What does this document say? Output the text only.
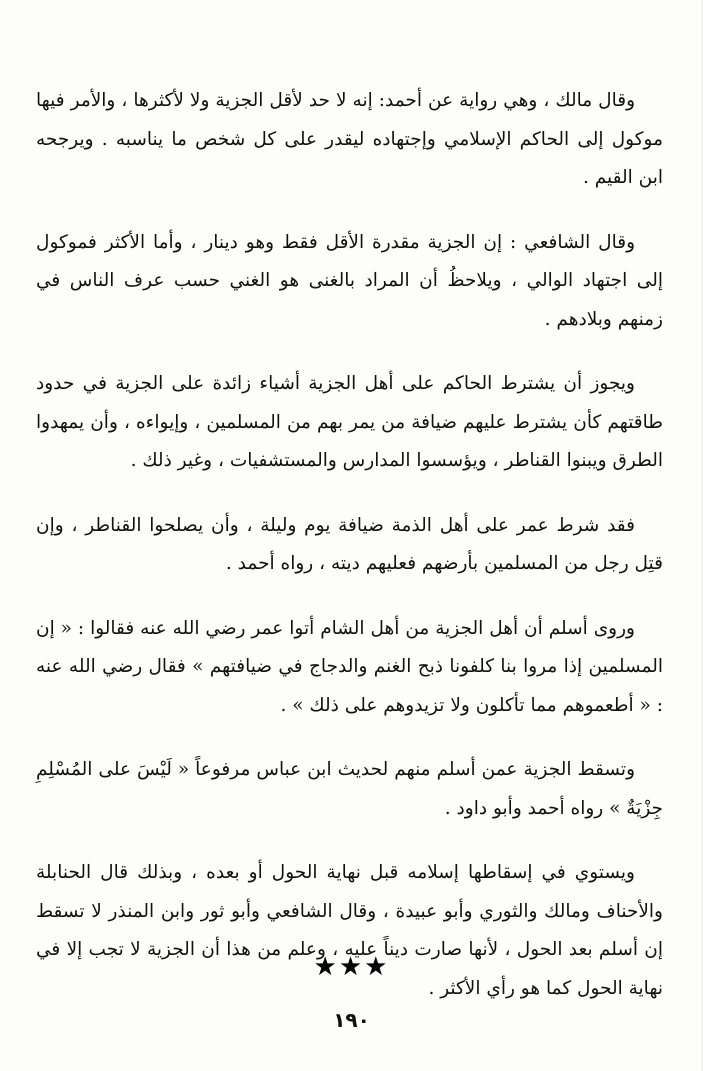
وقال مالك ، وهي رواية عن أحمد: إنه لا حد لأقل الجزية ولا لأكثرها ، والأمر فيها موكول إلى الحاكم الإسلامي وإجتهاده ليقدر على كل شخص ما يناسبه . ويرجحه ابن القيم .

وقال الشافعي : إن الجزية مقدرة الأقل فقط وهو دينار ، وأما الأكثر فموكول إلى اجتهاد الوالي ، ويلاحظُ أن المراد بالغنى هو الغني حسب عرف الناس في زمنهم وبلادهم .

ويجوز أن يشترط الحاكم على أهل الجزية أشياء زائدة على الجزية في حدود طاقتهم كأن يشترط عليهم ضيافة من يمر بهم من المسلمين ، وإيواءه ، وأن يمهدوا الطرق ويبنوا القناطر ، ويؤسسوا المدارس والمستشفيات ، وغير ذلك .

فقد شرط عمر على أهل الذمة ضيافة يوم وليلة ، وأن يصلحوا القناطر ، وإن قتِل رجل من المسلمين بأرضهم فعليهم ديته ، رواه أحمد .

وروى أسلم أن أهل الجزية من أهل الشام أتوا عمر رضي الله عنه فقالوا : « إن المسلمين إذا مروا بنا كلفونا ذبح الغنم والدجاج في ضيافتهم » فقال رضي الله عنه : « أطعموهم مما تأكلون ولا تزيدوهم على ذلك » .

وتسقط الجزية عمن أسلم منهم لحديث ابن عباس مرفوعاً « لَيْسَ على المُسْلِمِ جِزْيَةٌ » رواه أحمد وأبو داود .

ويستوي في إسقاطها إسلامه قبل نهاية الحول أو بعده ، وبذلك قال الحنابلة والأحناف ومالك والثوري وأبو عبيدة ، وقال الشافعي وأبو ثور وابن المنذر لا تسقط إن أسلم بعد الحول ، لأنها صارت ديناً عليه ، وعلم من هذا أن الجزية لا تجب إلا في نهاية الحول كما هو رأي الأكثر .

★★★
١٩٠
